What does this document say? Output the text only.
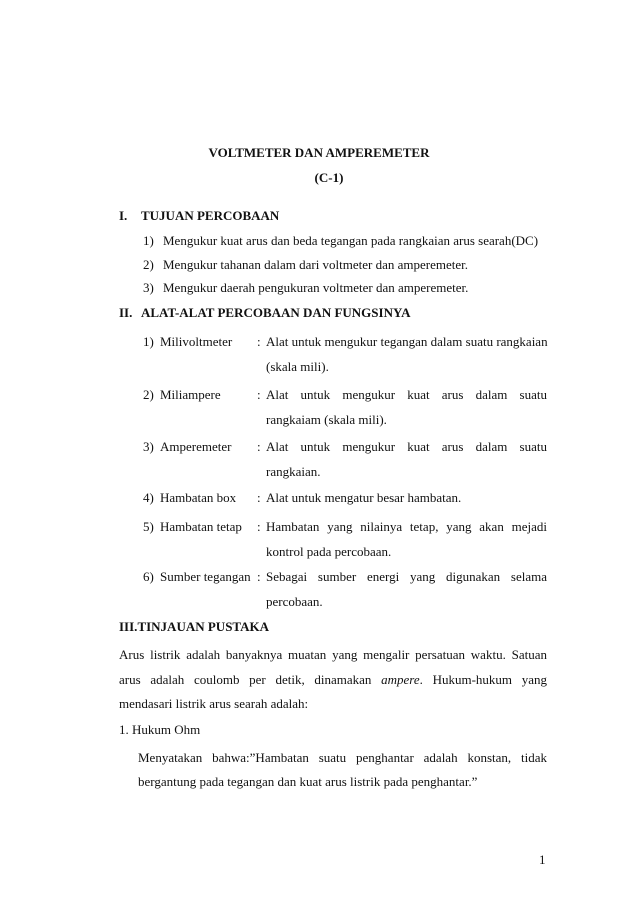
VOLTMETER DAN AMPEREMETER
(C-1)
I. TUJUAN PERCOBAAN
1) Mengukur kuat arus dan beda tegangan pada rangkaian arus searah(DC)
2) Mengukur tahanan dalam dari voltmeter dan amperemeter.
3) Mengukur daerah pengukuran voltmeter dan amperemeter.
II. ALAT-ALAT PERCOBAAN DAN FUNGSINYA
1) Milivoltmeter : Alat untuk mengukur tegangan dalam suatu rangkaian
(skala mili).
2) Miliampere	: Alat untuk mengukur kuat arus dalam suatu
rangkaiam (skala mili).
3) Amperemeter : Alat untuk mengukur kuat arus dalam suatu
rangkaian.
4) Hambatan box : Alat untuk mengatur besar hambatan.
5) Hambatan tetap : Hambatan yang nilainya tetap, yang akan mejadi
kontrol pada percobaan.
6) Sumber tegangan : Sebagai sumber energi yang digunakan selama
percobaan.
III.TINJAUAN PUSTAKA
Arus listrik adalah banyaknya muatan yang mengalir persatuan waktu. Satuan
arus adalah coulomb per detik, dinamakan ampere. Hukum-hukum yang
mendasari listrik arus searah adalah:
1. Hukum Ohm
Menyatakan bahwa:”Hambatan suatu penghantar adalah konstan, tidak
bergantung pada tegangan dan kuat arus listrik pada penghantar.”
1
